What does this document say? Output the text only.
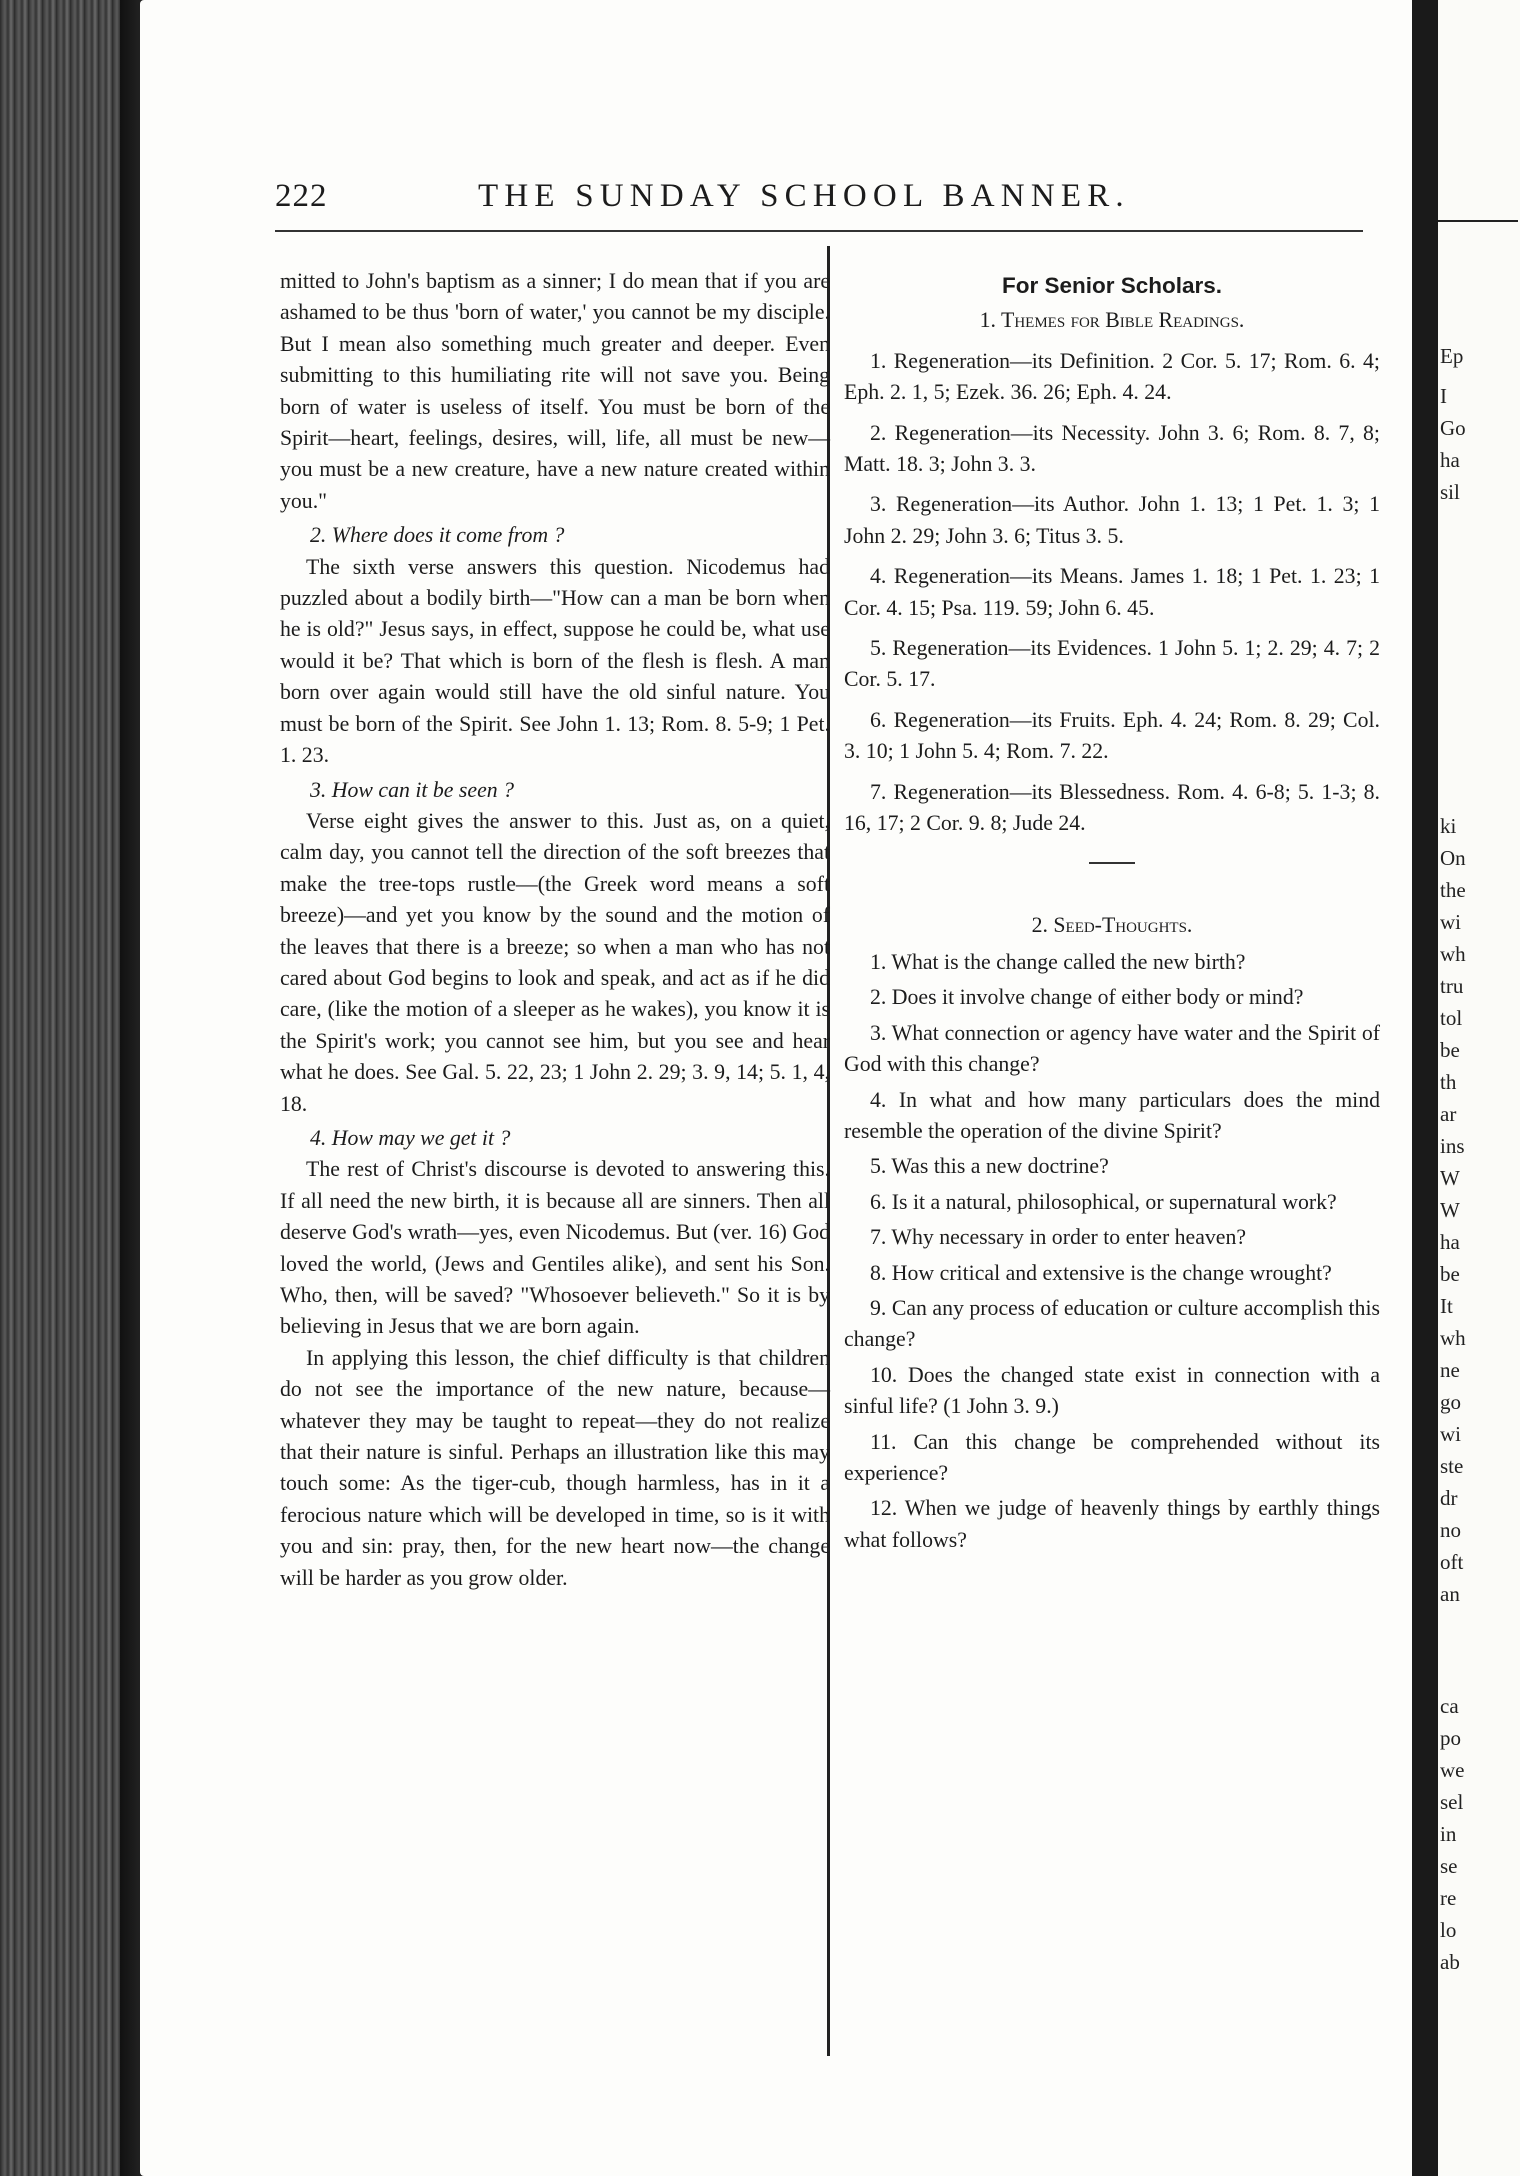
222	THE SUNDAY SCHOOL BANNER.

mitted to John's baptism as a sinner; I do mean that if you are ashamed to be thus 'born of water,' you cannot be my disciple. But I mean also something much greater and deeper. Even submitting to this humiliating rite will not save you. Being born of water is useless of itself. You must be born of the Spirit—heart, feelings, desires, will, life, all must be new—you must be a new creature, have a new nature created within you."

2. Where does it come from ?

The sixth verse answers this question. Nicodemus had puzzled about a bodily birth—"How can a man be born when he is old?" Jesus says, in effect, suppose he could be, what use would it be? That which is born of the flesh is flesh. A man born over again would still have the old sinful nature. You must be born of the Spirit. See John 1. 13; Rom. 8. 5-9; 1 Pet. 1. 23.

3. How can it be seen ?

Verse eight gives the answer to this. Just as, on a quiet, calm day, you cannot tell the direction of the soft breezes that make the tree-tops rustle—(the Greek word means a soft breeze)—and yet you know by the sound and the motion of the leaves that there is a breeze; so when a man who has not cared about God begins to look and speak, and act as if he did care, (like the motion of a sleeper as he wakes), you know it is the Spirit's work; you cannot see him, but you see and hear what he does. See Gal. 5. 22, 23; 1 John 2. 29; 3. 9, 14; 5. 1, 4, 18.

4. How may we get it ?

The rest of Christ's discourse is devoted to answering this. If all need the new birth, it is because all are sinners. Then all deserve God's wrath—yes, even Nicodemus. But (ver. 16) God loved the world, (Jews and Gentiles alike), and sent his Son. Who, then, will be saved? "Whosoever believeth." So it is by believing in Jesus that we are born again.

In applying this lesson, the chief difficulty is that children do not see the importance of the new nature, because—whatever they may be taught to repeat—they do not realize that their nature is sinful. Perhaps an illustration like this may touch some: As the tiger-cub, though harmless, has in it a ferocious nature which will be developed in time, so is it with you and sin: pray, then, for the new heart now—the change will be harder as you grow older.

For Senior Scholars.

1. Themes for Bible Readings.

1. Regeneration—its Definition. 2 Cor. 5. 17; Rom. 6. 4; Eph. 2. 1, 5; Ezek. 36. 26; Eph. 4. 24.

2. Regeneration—its Necessity. John 3. 6; Rom. 8. 7, 8; Matt. 18. 3; John 3. 3.

3. Regeneration—its Author. John 1. 13; 1 Pet. 1. 3; 1 John 2. 29; John 3. 6; Titus 3. 5.

4. Regeneration—its Means. James 1. 18; 1 Pet. 1. 23; 1 Cor. 4. 15; Psa. 119. 59; John 6. 45.

5. Regeneration—its Evidences. 1 John 5. 1; 2. 29; 4. 7; 2 Cor. 5. 17.

6. Regeneration—its Fruits. Eph. 4. 24; Rom. 8. 29; Col. 3. 10; 1 John 5. 4; Rom. 7. 22.

7. Regeneration—its Blessedness. Rom. 4. 6-8; 5. 1-3; 8. 16, 17; 2 Cor. 9. 8; Jude 24.

2. Seed-Thoughts.

1. What is the change called the new birth?

2. Does it involve change of either body or mind?

3. What connection or agency have water and the Spirit of God with this change?

4. In what and how many particulars does the mind resemble the operation of the divine Spirit?

5. Was this a new doctrine?

6. Is it a natural, philosophical, or supernatural work?

7. Why necessary in order to enter heaven?

8. How critical and extensive is the change wrought?

9. Can any process of education or culture accomplish this change?

10. Does the changed state exist in connection with a sinful life? (1 John 3. 9.)

11. Can this change be comprehended without its experience?

12. When we judge of heavenly things by earthly things what follows?

Ep
I
Go
ha
sil
ki
On
the
wi
wh
tru
tol
be
th
ar
ins
W
W
ha
be
It
wh
ne
go
wi
ste
dr
no
oft
an
ca
po
we
sel
in
se
re
lo
ab
